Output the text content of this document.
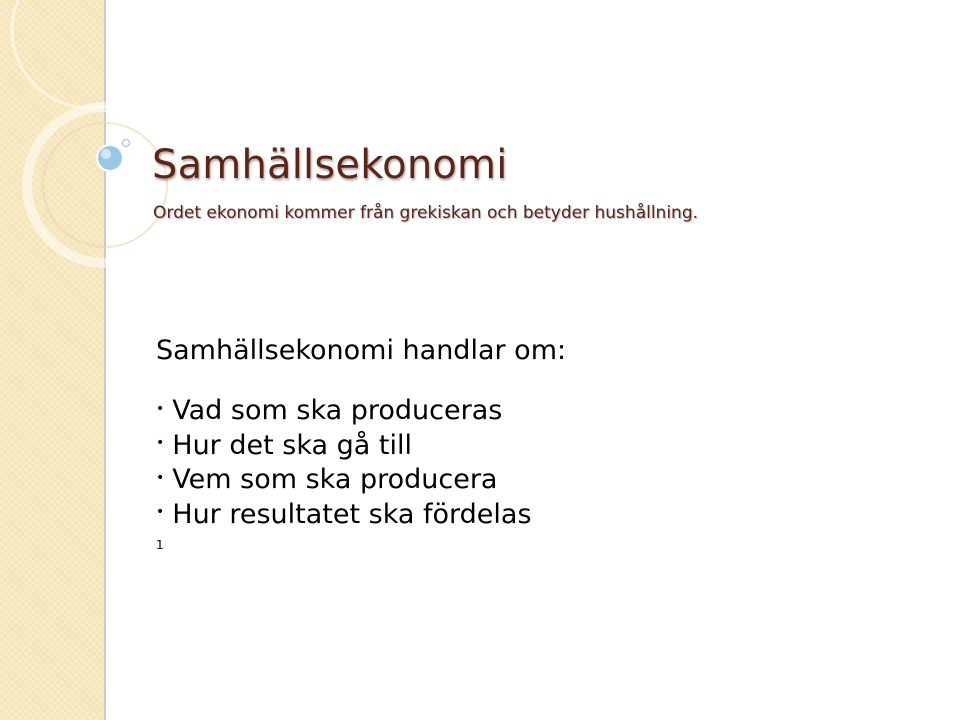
Samhällsekonomi

Ordet ekonomi kommer från grekiskan och betyder hushållning.

Samhällsekonomi handlar om:

• Vad som ska produceras
• Hur det ska gå till
• Vem som ska producera
• Hur resultatet ska fördelas
1
